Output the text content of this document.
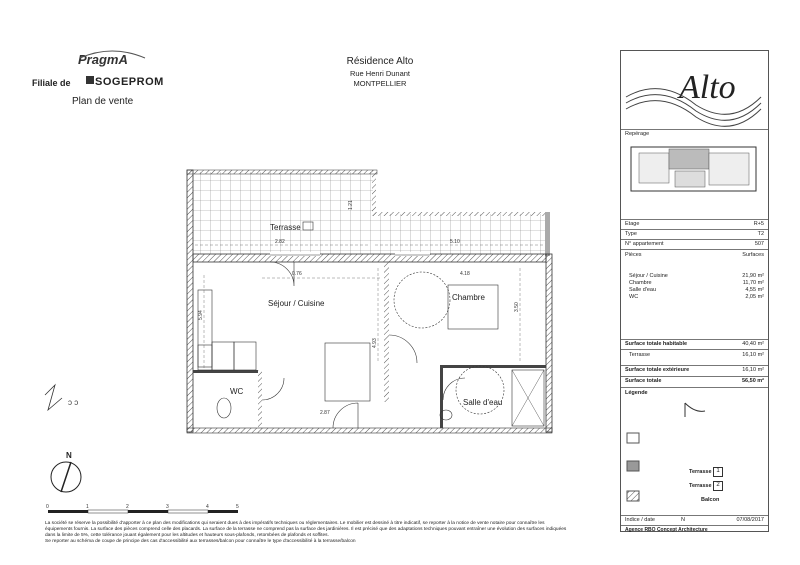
PragmA
Filiale de SOGEPROM
Plan de vente
Résidence Alto
Rue Henri Dunant
MONTPELLIER
Terrasse
Séjour / Cuisine
Chambre
WC
Salle d'eau
2.82	5.10
1.21
0.76	4.18
5.94
4.93
3.50
2.87
N
ɔ ɔ
0	1	2	3	4	5
Alto
Repérage
Etage	R+5
Type	T2
N° appartement	507
Pièces	Surfaces
Séjour / Cuisine	21,90 m²
Chambre	11,70 m²
Salle d'eau	4,55 m²
WC	2,05 m²
Surface totale habitable	40,40 m²
Terrasse	16,10 m²
Surface totale extérieure	16,10 m²
Surface totale	56,50 m²
Légende
Terrasse 1
Terrasse 2
Balcon
Indice / date	N	07/08/2017
Agence RBO Concept Architecture
La société se réserve la possibilité d'apporter à ce plan des modifications qui seraient dues à des impératifs techniques ou réglementaires. Le mobilier est dessiné à titre indicatif, se reporter à la notice de vente notaire pour connaître les
équipements fournis. La surface des pièces comprend celle des placards. La surface de la terrasse ne comprend pas la surface des jardinières. Il est précisé que des adaptations techniques pouvant entraîner une évolution des surfaces indiquées
dans la limite de 5%, cette tolérance jouant également pour les altitudes et hauteurs sous-plafonds, retombées de plafonds et soffites.
Se reporter au schéma de coupe de principe des cas d'accessibilité aux terrasses/balcon pour connaître le type d'accessibilité à la terrasse/balcon
